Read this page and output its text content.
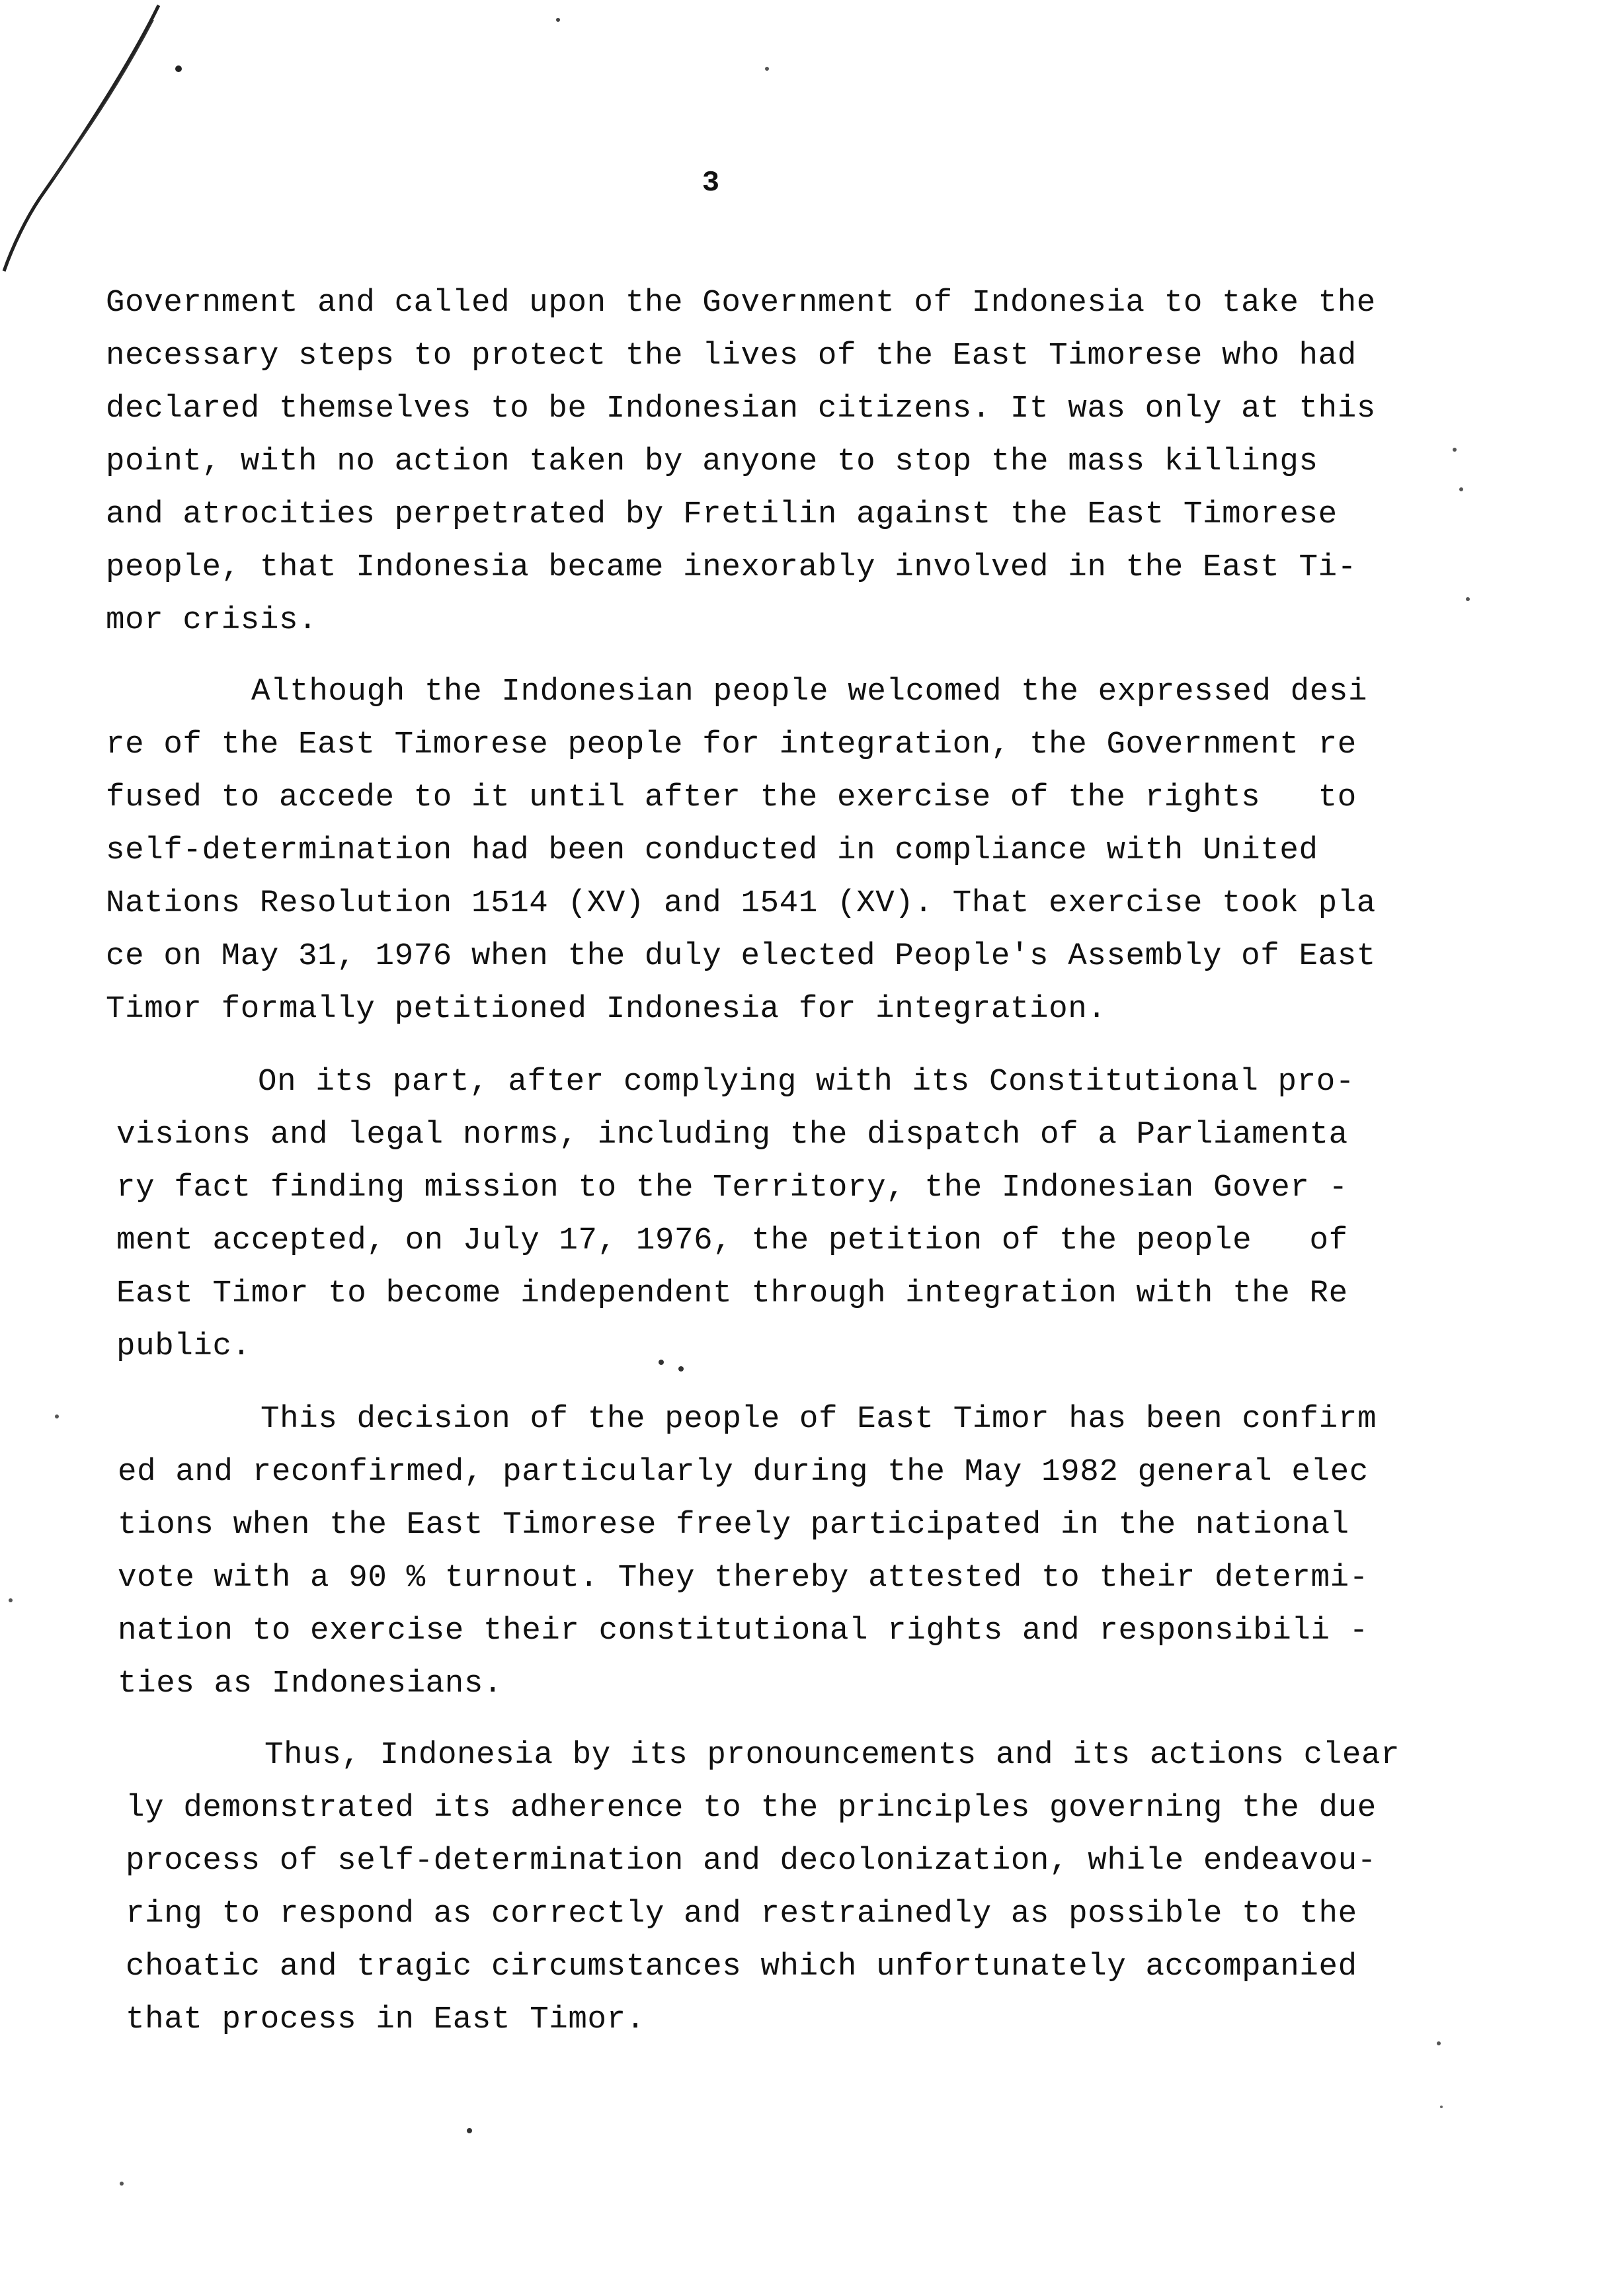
3
Government and called upon the Government of Indonesia to take the
necessary steps to protect the lives of the East Timorese who had
declared themselves to be Indonesian citizens. It was only at this
point, with no action taken by anyone to stop the mass killings
and atrocities perpetrated by Fretilin against the East Timorese
people, that Indonesia became inexorably involved in the East Ti-
mor crisis.
Although the Indonesian people welcomed the expressed desi
re of the East Timorese people for integration, the Government re
fused to accede to it until after the exercise of the rights   to
self-determination had been conducted in compliance with United
Nations Resolution 1514 (XV) and 1541 (XV). That exercise took pla
ce on May 31, 1976 when the duly elected People's Assembly of East
Timor formally petitioned Indonesia for integration.
On its part, after complying with its Constitutional pro-
visions and legal norms, including the dispatch of a Parliamenta
ry fact finding mission to the Territory, the Indonesian Gover -
ment accepted, on July 17, 1976, the petition of the people   of
East Timor to become independent through integration with the Re
public.
This decision of the people of East Timor has been confirm
ed and reconfirmed, particularly during the May 1982 general elec
tions when the East Timorese freely participated in the national
vote with a 90 % turnout. They thereby attested to their determi-
nation to exercise their constitutional rights and responsibili -
ties as Indonesians.
Thus, Indonesia by its pronouncements and its actions clear
ly demonstrated its adherence to the principles governing the due
process of self-determination and decolonization, while endeavou-
ring to respond as correctly and restrainedly as possible to the
choatic and tragic circumstances which unfortunately accompanied
that process in East Timor.
